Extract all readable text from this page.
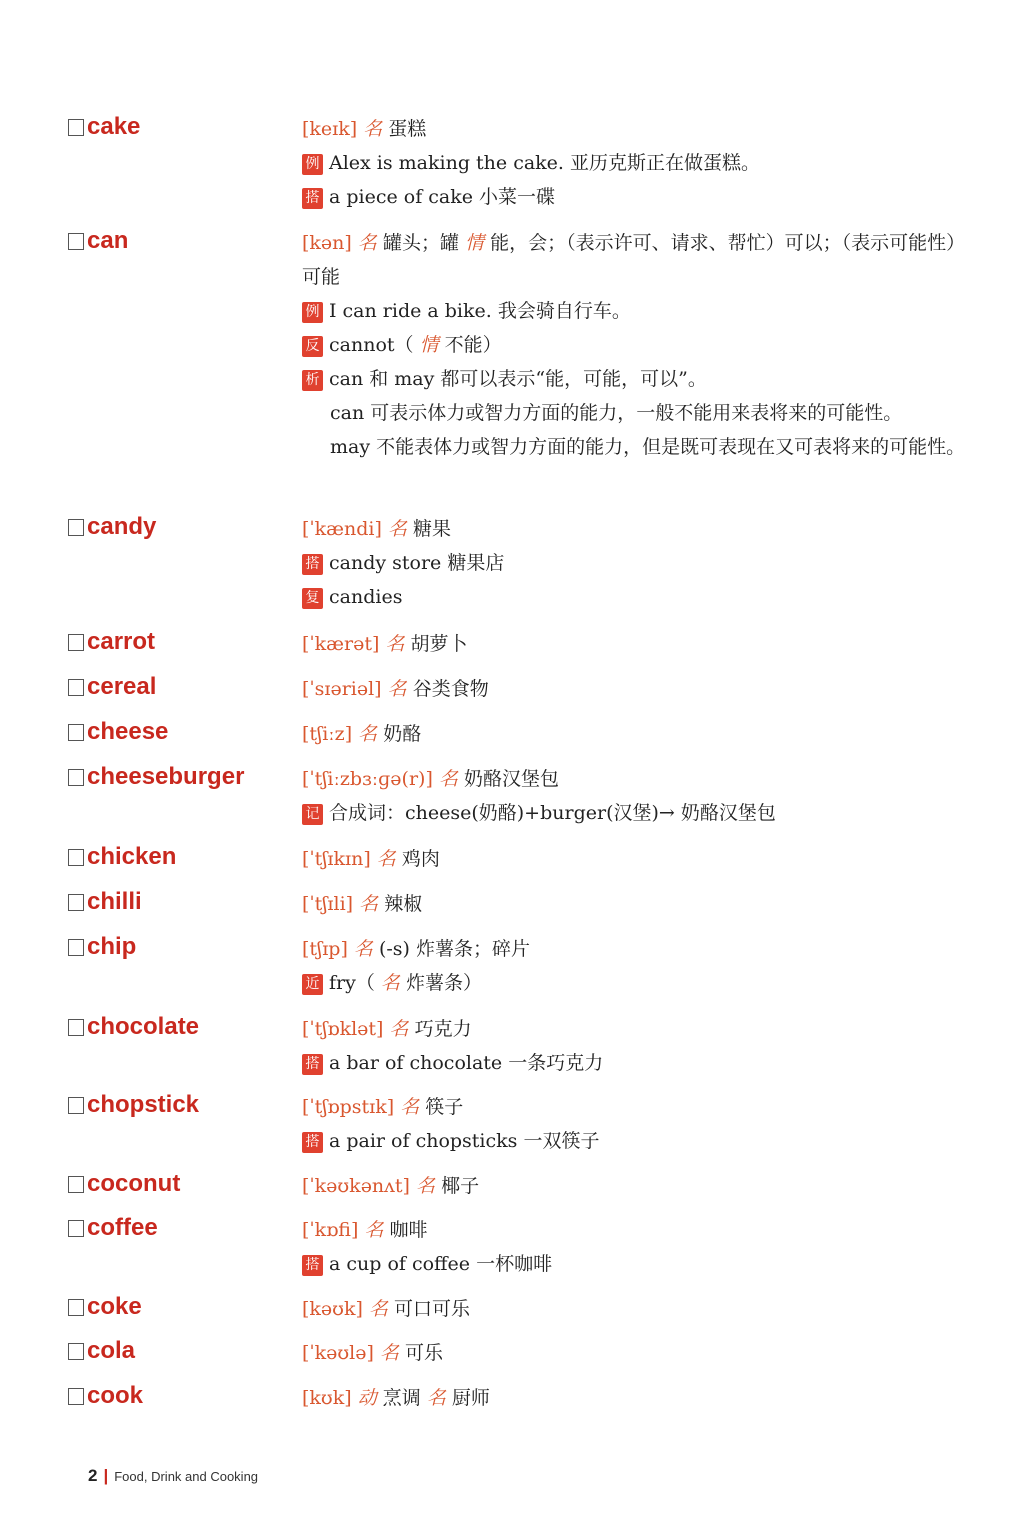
cake	[keɪk] 名 蛋糕
例 Alex is making the cake. 亚历克斯正在做蛋糕。
搭 a piece of cake 小菜一碟
can	[kən] 名 罐头；罐 情 能，会；（表示许可、请求、帮忙）可以；（表示可能性）可能
例 I can ride a bike. 我会骑自行车。
反 cannot（ 情 不能）
析 can 和 may 都可以表示“能，可能，可以”。
can 可表示体力或智力方面的能力，一般不能用来表将来的可能性。
may 不能表体力或智力方面的能力，但是既可表现在又可表将来的可能性。
candy	[ˈkændi] 名 糖果
搭 candy store 糖果店
复 candies
carrot	[ˈkærət] 名 胡萝卜
cereal	[ˈsɪəriəl] 名 谷类食物
cheese	[tʃiːz] 名 奶酪
cheeseburger	[ˈtʃiːzbɜːɡə(r)] 名 奶酪汉堡包
记 合成词：cheese(奶酪)+burger(汉堡)→ 奶酪汉堡包
chicken	[ˈtʃɪkɪn] 名 鸡肉
chilli	[ˈtʃɪli] 名 辣椒
chip	[tʃɪp] 名 (-s) 炸薯条；碎片
近 fry（ 名 炸薯条）
chocolate	[ˈtʃɒklət] 名 巧克力
搭 a bar of chocolate 一条巧克力
chopstick	[ˈtʃɒpstɪk] 名 筷子
搭 a pair of chopsticks 一双筷子
coconut	[ˈkəʊkənʌt] 名 椰子
coffee	[ˈkɒfi] 名 咖啡
搭 a cup of coffee 一杯咖啡
coke	[kəʊk] 名 可口可乐
cola	[ˈkəʊlə] 名 可乐
cook	[kʊk] 动 烹调 名 厨师
2 | Food, Drink and Cooking
